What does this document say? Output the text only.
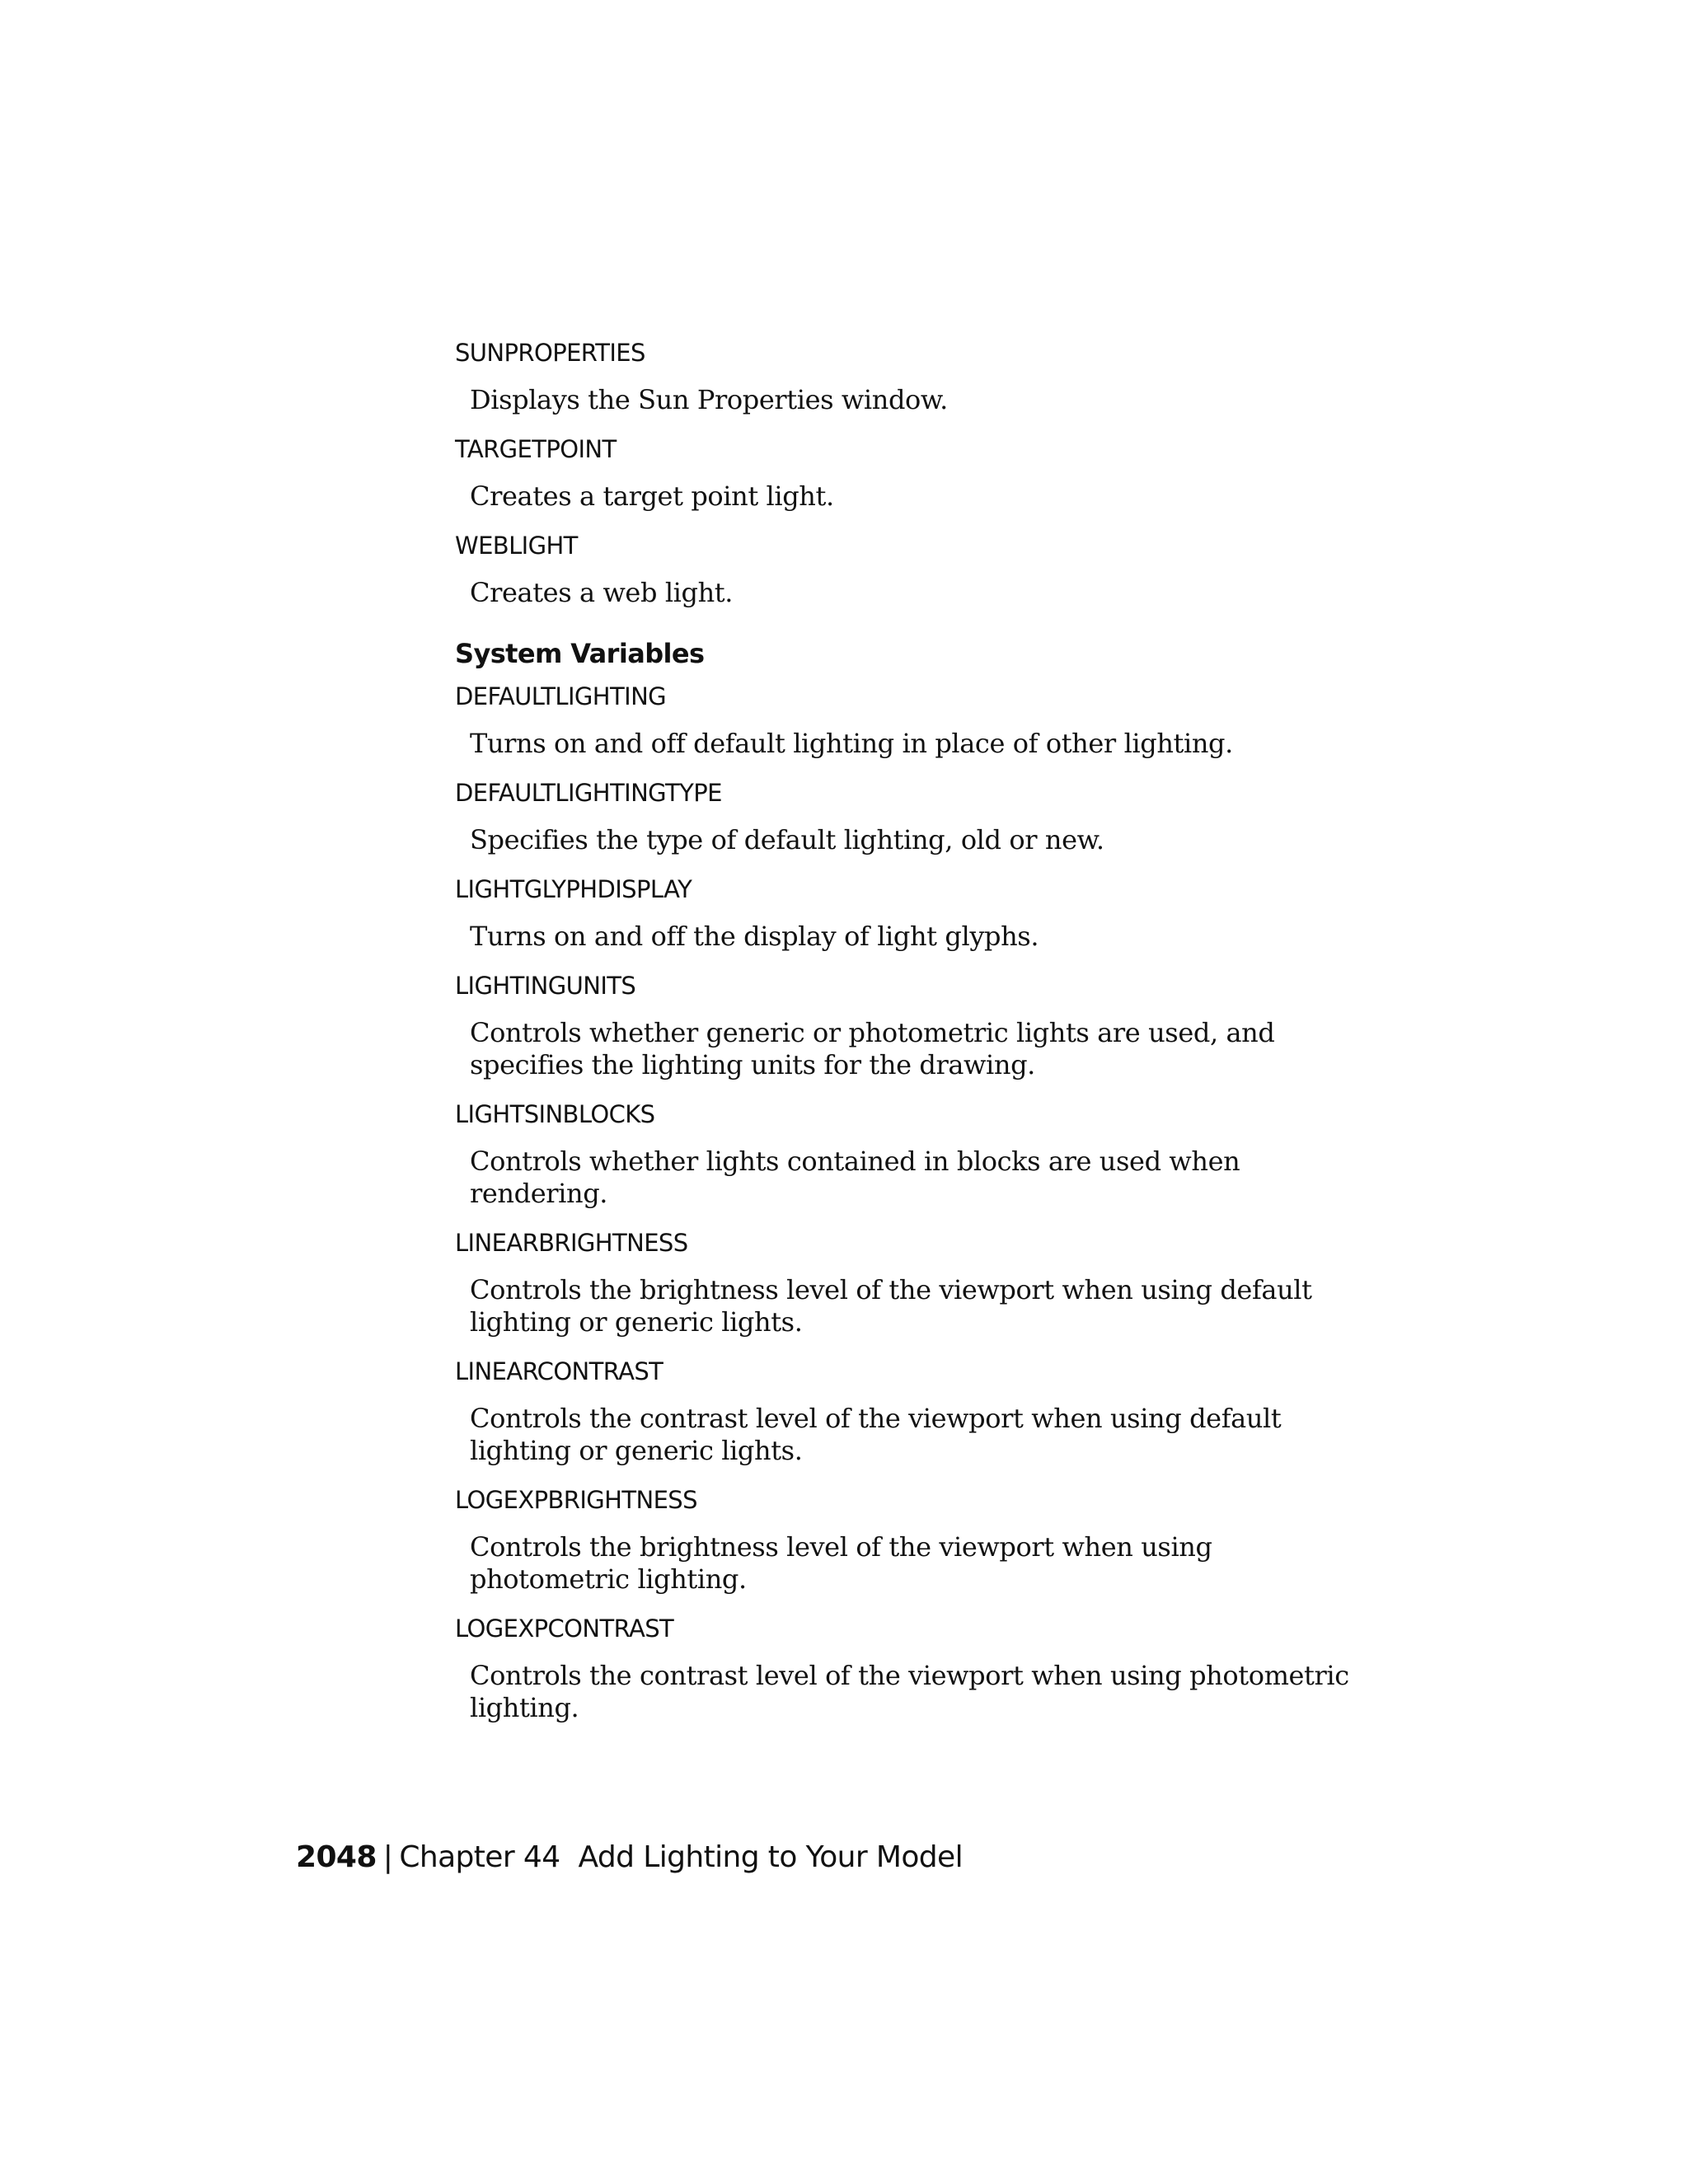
SUNPROPERTIES

Displays the Sun Properties window.

TARGETPOINT

Creates a target point light.

WEBLIGHT

Creates a web light.

System Variables

DEFAULTLIGHTING

Turns on and off default lighting in place of other lighting.

DEFAULTLIGHTINGTYPE

Specifies the type of default lighting, old or new.

LIGHTGLYPHDISPLAY

Turns on and off the display of light glyphs.

LIGHTINGUNITS

Controls whether generic or photometric lights are used, and specifies the lighting units for the drawing.

LIGHTSINBLOCKS

Controls whether lights contained in blocks are used when rendering.

LINEARBRIGHTNESS

Controls the brightness level of the viewport when using default lighting or generic lights.

LINEARCONTRAST

Controls the contrast level of the viewport when using default lighting or generic lights.

LOGEXPBRIGHTNESS

Controls the brightness level of the viewport when using photometric lighting.

LOGEXPCONTRAST

Controls the contrast level of the viewport when using photometric lighting.

2048 | Chapter 44 Add Lighting to Your Model
